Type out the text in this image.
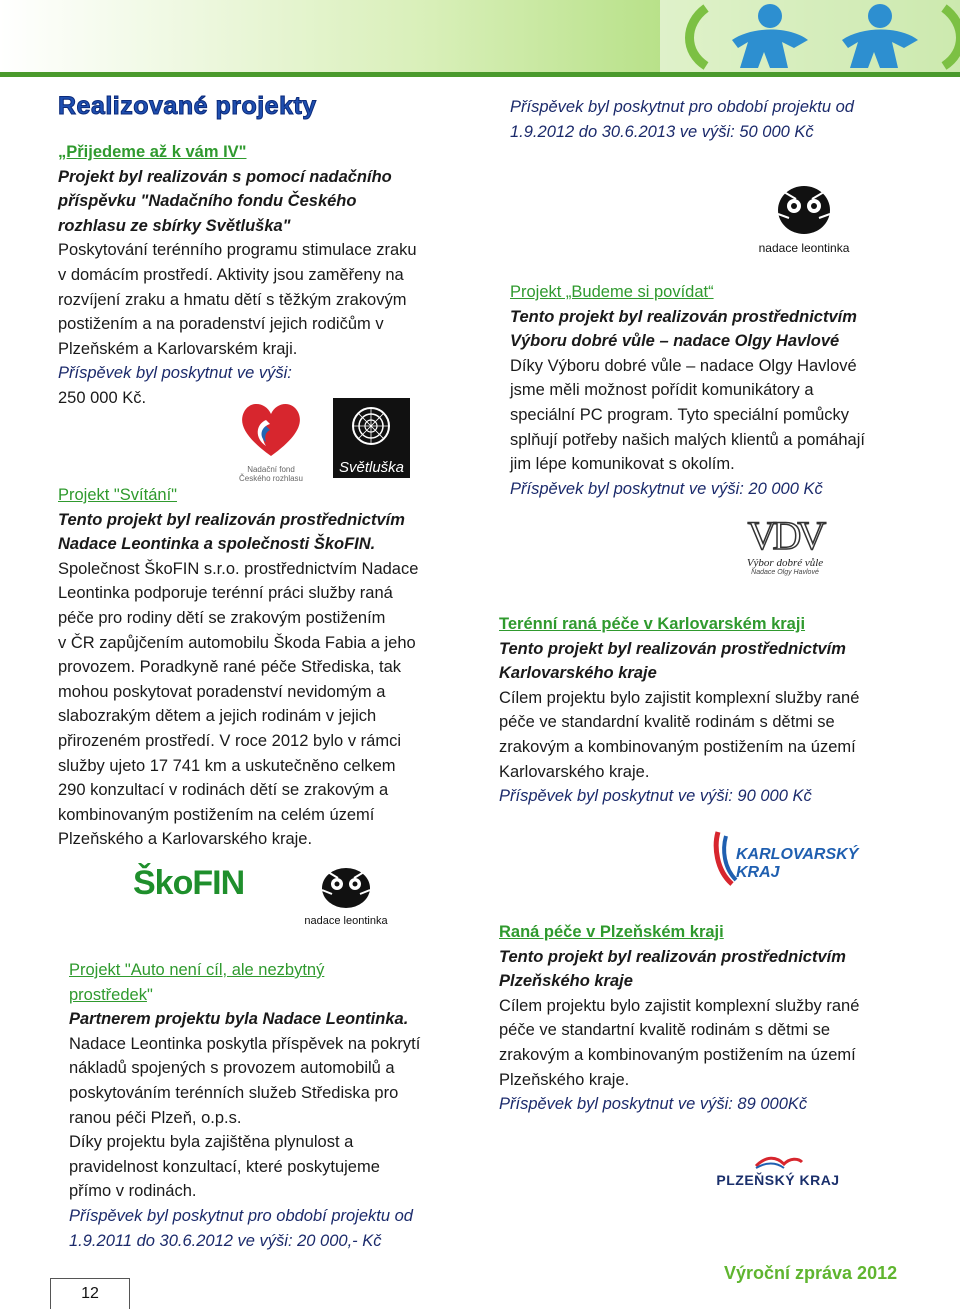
Realizované projekty
„Přijedeme až k vám IV"
Projekt byl realizován s pomocí nadačního
příspěvku "Nadačního fondu Českého
rozhlasu ze sbírky Světluška"
Poskytování terénního programu stimulace zraku
v domácím prostředí. Aktivity jsou zaměřeny na
rozvíjení zraku a hmatu dětí s těžkým zrakovým
postižením a na poradenství jejich rodičům v
Plzeňském a Karlovarském kraji.
Příspěvek byl poskytnut ve výši:
250 000 Kč.
Nadační fond
Českého rozhlasu
Světluška
Projekt "Svítání"
Tento projekt byl realizován prostřednictvím
Nadace Leontinka a společnosti ŠkoFIN.
Společnost ŠkoFIN s.r.o. prostřednictvím Nadace
Leontinka podporuje terénní práci služby raná
péče pro rodiny dětí se zrakovým postižením
v ČR zapůjčením automobilu Škoda Fabia a jeho
provozem. Poradkyně rané péče Střediska, tak
mohou poskytovat poradenství nevidomým a
slabozrakým dětem a jejich rodinám v jejich
přirozeném prostředí. V roce 2012 bylo v rámci
služby ujeto 17 741 km a uskutečněno celkem
290 konzultací v rodinách dětí se zrakovým a
kombinovaným postižením na celém území
Plzeňského a Karlovarského kraje.
ŠkoFIN
nadace leontinka
Projekt "Auto není cíl, ale nezbytný
prostředek"
Partnerem projektu byla Nadace Leontinka.
Nadace Leontinka poskytla příspěvek na pokrytí
nákladů spojených s provozem automobilů a
poskytováním terénních služeb Střediska pro
ranou péči Plzeň, o.p.s.
Díky projektu byla zajištěna plynulost a
pravidelnost konzultací, které poskytujeme
přímo v rodinách.
Příspěvek byl poskytnut pro období projektu od
1.9.2011 do 30.6.2012 ve výši: 20 000,- Kč
Příspěvek byl poskytnut pro období projektu od
1.9.2012 do 30.6.2013 ve výši: 50 000 Kč
nadace leontinka
Projekt „Budeme si povídat“
Tento projekt byl realizován prostřednictvím
Výboru dobré vůle – nadace Olgy Havlové
Díky Výboru dobré vůle – nadace Olgy Havlové
jsme měli možnost pořídit komunikátory a
speciální PC program. Tyto speciální pomůcky
splňují potřeby našich malých klientů a pomáhají
jim lépe komunikovat s okolím.
Příspěvek byl poskytnut ve výši: 20 000 Kč
VDV
Výbor dobré vůle
Nadace Olgy Havlové
Terénní raná péče v Karlovarském kraji
Tento projekt byl realizován prostřednictvím
Karlovarského kraje
Cílem projektu bylo zajistit komplexní služby rané
péče ve standardní kvalitě rodinám s dětmi se
zrakovým a kombinovaným postižením na území
Karlovarského kraje.
Příspěvek byl poskytnut ve výši: 90 000 Kč
KARLOVARSKÝ
KRAJ
Raná péče v Plzeňském kraji
Tento projekt byl realizován prostřednictvím
Plzeňského kraje
Cílem projektu bylo zajistit komplexní služby rané
péče ve standartní kvalitě rodinám s dětmi se
zrakovým a kombinovaným postižením na území
Plzeňského kraje.
Příspěvek byl poskytnut ve výši: 89 000Kč
PLZEŇSKÝ KRAJ
12
Výroční zpráva 2012
